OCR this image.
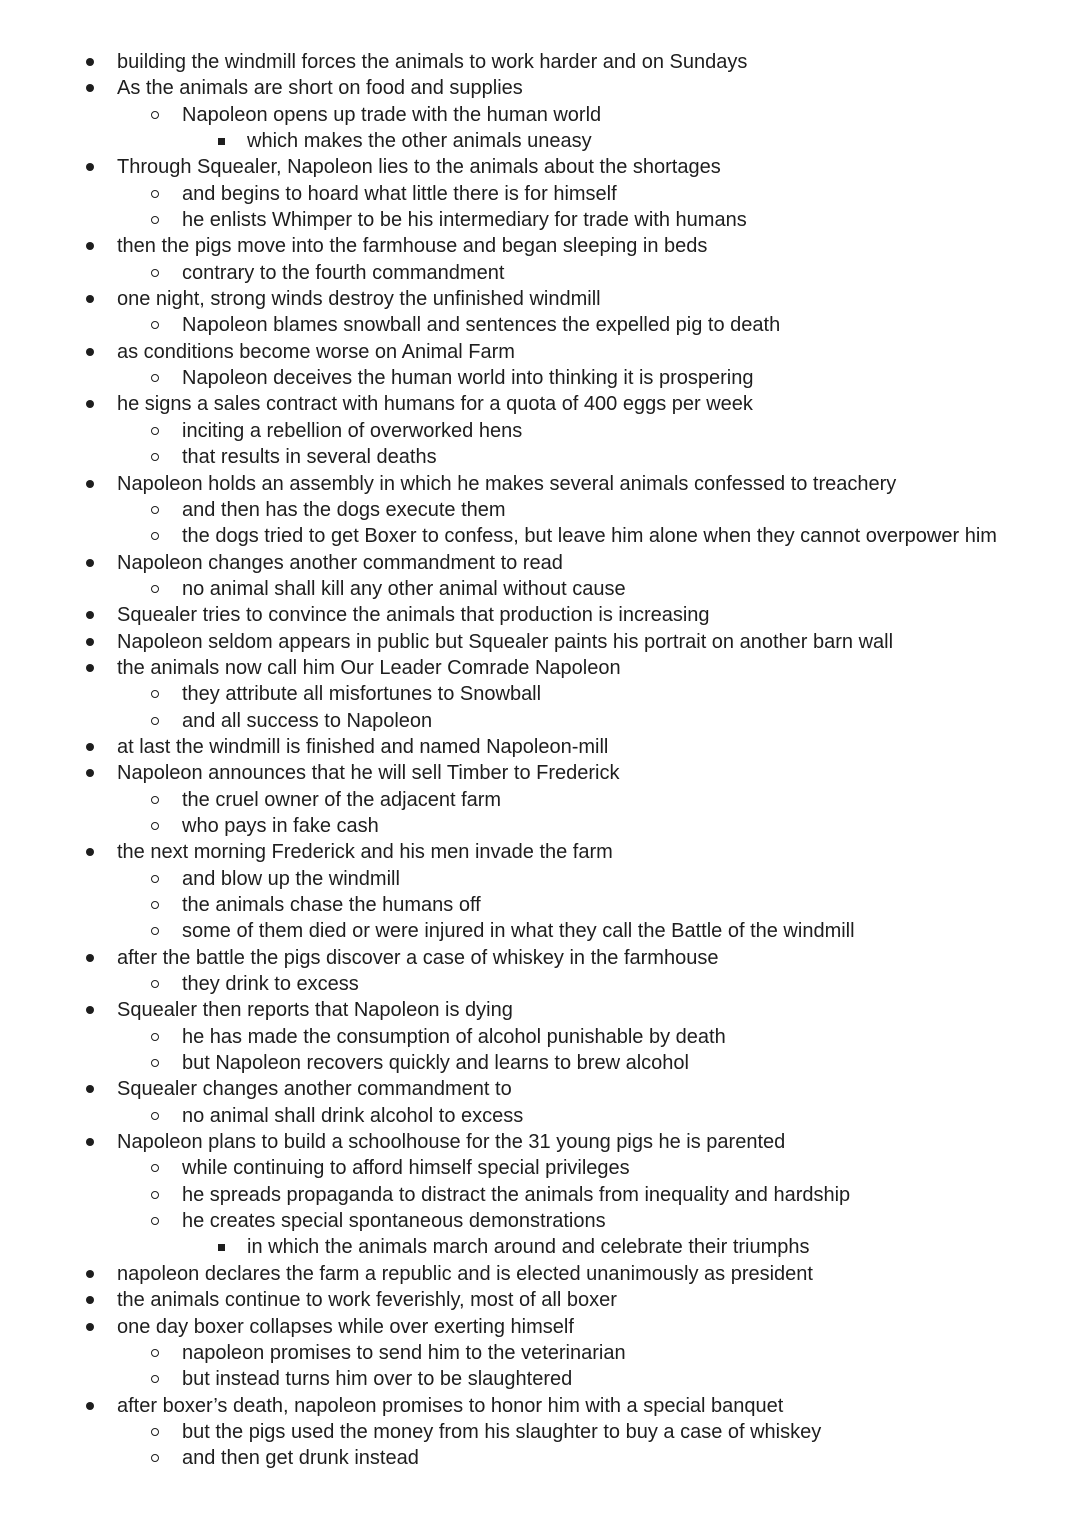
building the windmill forces the animals to work harder and on Sundays
As the animals are short on food and supplies
Napoleon opens up trade with the human world
which makes the other animals uneasy
Through Squealer, Napoleon lies to the animals about the shortages
and begins to hoard what little there is for himself
he enlists Whimper to be his intermediary for trade with humans
then the pigs move into the farmhouse and began sleeping in beds
contrary to the fourth commandment
one night, strong winds destroy the unfinished windmill
Napoleon blames snowball and sentences the expelled pig to death
as conditions become worse on Animal Farm
Napoleon deceives the human world into thinking it is prospering
he signs a sales contract with humans for a quota of 400 eggs per week
inciting a rebellion of overworked hens
that results in several deaths
Napoleon holds an assembly in which he makes several animals confessed to treachery
and then has the dogs execute them
the dogs tried to get Boxer to confess, but leave him alone when they cannot overpower him
Napoleon changes another commandment to read
no animal shall kill any other animal without cause
Squealer tries to convince the animals that production is increasing
Napoleon seldom appears in public but Squealer paints his portrait on another barn wall
the animals now call him Our Leader Comrade Napoleon
they attribute all misfortunes to Snowball
and all success to Napoleon
at last the windmill is finished and named Napoleon-mill
Napoleon announces that he will sell Timber to Frederick
the cruel owner of the adjacent farm
who pays in fake cash
the next morning Frederick and his men invade the farm
and blow up the windmill
the animals chase the humans off
some of them died or were injured in what they call the Battle of the windmill
after the battle the pigs discover a case of whiskey in the farmhouse
they drink to excess
Squealer then reports that Napoleon is dying
he has made the consumption of alcohol punishable by death
but Napoleon recovers quickly and learns to brew alcohol
Squealer changes another commandment to
no animal shall drink alcohol to excess
Napoleon plans to build a schoolhouse for the 31 young pigs he is parented
while continuing to afford himself special privileges
he spreads propaganda to distract the animals from inequality and hardship
he creates special spontaneous demonstrations
in which the animals march around and celebrate their triumphs
napoleon declares the farm a republic and is elected unanimously as president
the animals continue to work feverishly, most of all boxer
one day boxer collapses while over exerting himself
napoleon promises to send him to the veterinarian
but instead turns him over to be slaughtered
after boxer’s death, napoleon promises to honor him with a special banquet
but the pigs used the money from his slaughter to buy a case of whiskey
and then get drunk instead
